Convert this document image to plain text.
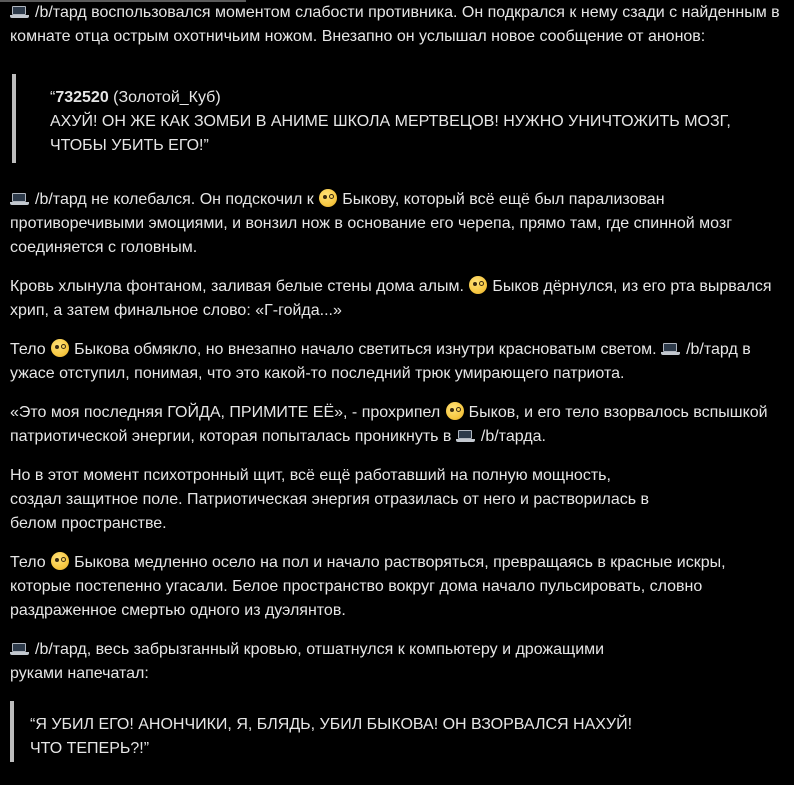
/b/тард воспользовался моментом слабости противника. Он подкрался к нему сзади с найденным в комнате отца острым охотничьим ножом. Внезапно он услышал новое сообщение от анонов:

“732520 (Золотой_Куб)
АХУЙ! ОН ЖЕ КАК ЗОМБИ В АНИМЕ ШКОЛА МЕРТВЕЦОВ! НУЖНО УНИЧТОЖИТЬ МОЗГ, ЧТОБЫ УБИТЬ ЕГО!”

/b/тард не колебался. Он подскочил к Быкову, который всё ещё был парализован противоречивыми эмоциями, и вонзил нож в основание его черепа, прямо там, где спинной мозг соединяется с головным.

Кровь хлынула фонтаном, заливая белые стены дома алым. Быков дёрнулся, из его рта вырвался хрип, а затем финальное слово: «Г-гойда...»

Тело Быкова обмякло, но внезапно начало светиться изнутри красноватым светом. /b/тард в ужасе отступил, понимая, что это какой-то последний трюк умирающего патриота.

«Это моя последняя ГОЙДА, ПРИМИТЕ ЕЁ», - прохрипел Быков, и его тело взорвалось вспышкой патриотической энергии, которая попыталась проникнуть в /b/тарда.

Но в этот момент психотронный щит, всё ещё работавший на полную мощность,
создал защитное поле. Патриотическая энергия отразилась от него и растворилась в
белом пространстве.

Тело Быкова медленно осело на пол и начало растворяться, превращаясь в красные искры, которые постепенно угасали. Белое пространство вокруг дома начало пульсировать, словно раздраженное смертью одного из дуэлянтов.

/b/тард, весь забрызганный кровью, отшатнулся к компьютеру и дрожащими
руками напечатал:

“Я УБИЛ ЕГО! АНОНЧИКИ, Я, БЛЯДЬ, УБИЛ БЫКОВА! ОН ВЗОРВАЛСЯ НАХУЙ!
ЧТО ТЕПЕРЬ?!”
